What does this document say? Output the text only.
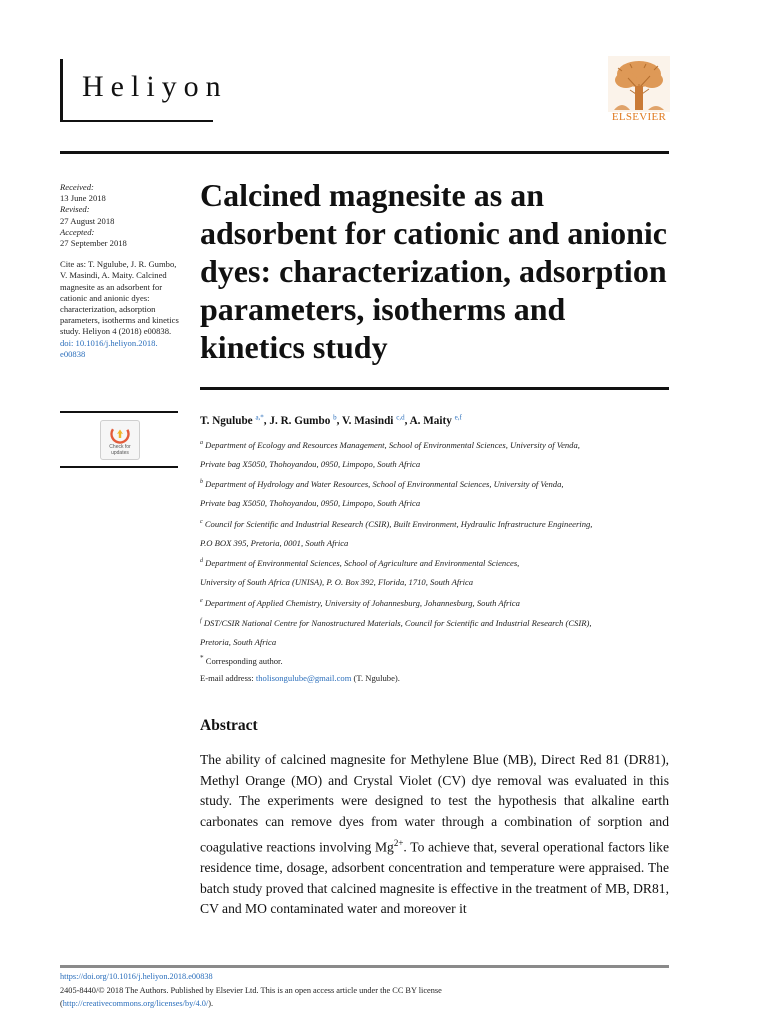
Heliyon
ELSEVIER
Received:
13 June 2018
Revised:
27 August 2018
Accepted:
27 September 2018
Cite as: T. Ngulube, J. R. Gumbo, V. Masindi, A. Maity. Calcined magnesite as an adsorbent for cationic and anionic dyes: characterization, adsorption parameters, isotherms and kinetics study. Heliyon 4 (2018) e00838.
doi: 10.1016/j.heliyon.2018. e00838
Check for
updates
Calcined magnesite as an adsorbent for cationic and anionic dyes: characterization, adsorption parameters, isotherms and kinetics study
T. Ngulube $^{a,*}$, J. R. Gumbo $^b$, V. Masindi $^{c,d}$, A. Maity $^{e,f}$
$^a$ Department of Ecology and Resources Management, School of Environmental Sciences, University of Venda,
Private bag X5050, Thohoyandou, 0950, Limpopo, South Africa
$^b$ Department of Hydrology and Water Resources, School of Environmental Sciences, University of Venda,
Private bag X5050, Thohoyandou, 0950, Limpopo, South Africa
$^c$ Council for Scientific and Industrial Research (CSIR), Built Environment, Hydraulic Infrastructure Engineering,
P.O BOX 395, Pretoria, 0001, South Africa
$^d$ Department of Environmental Sciences, School of Agriculture and Environmental Sciences,
University of South Africa (UNISA), P. O. Box 392, Florida, 1710, South Africa
$^e$ Department of Applied Chemistry, University of Johannesburg, Johannesburg, South Africa
$^f$ DST/CSIR National Centre for Nanostructured Materials, Council for Scientific and Industrial Research (CSIR),
Pretoria, South Africa
* Corresponding author.
E-mail address: tholisongulube@gmail.com (T. Ngulube).
Abstract

The ability of calcined magnesite for Methylene Blue (MB), Direct Red 81 (DR81), Methyl Orange (MO) and Crystal Violet (CV) dye removal was evaluated in this study. The experiments were designed to test the hypothesis that alkaline earth carbonates can remove dyes from water through a combination of sorption and coagulative reactions involving $Mg^{2+}$. To achieve that, several operational factors like residence time, dosage, adsorbent concentration and temperature were appraised. The batch study proved that calcined magnesite is effective in the treatment of MB, DR81, CV and MO contaminated water and moreover it

https://doi.org/10.1016/j.heliyon.2018.e00838
2405-8440/© 2018 The Authors. Published by Elsevier Ltd. This is an open access article under the CC BY license
(http://creativecommons.org/licenses/by/4.0/).
